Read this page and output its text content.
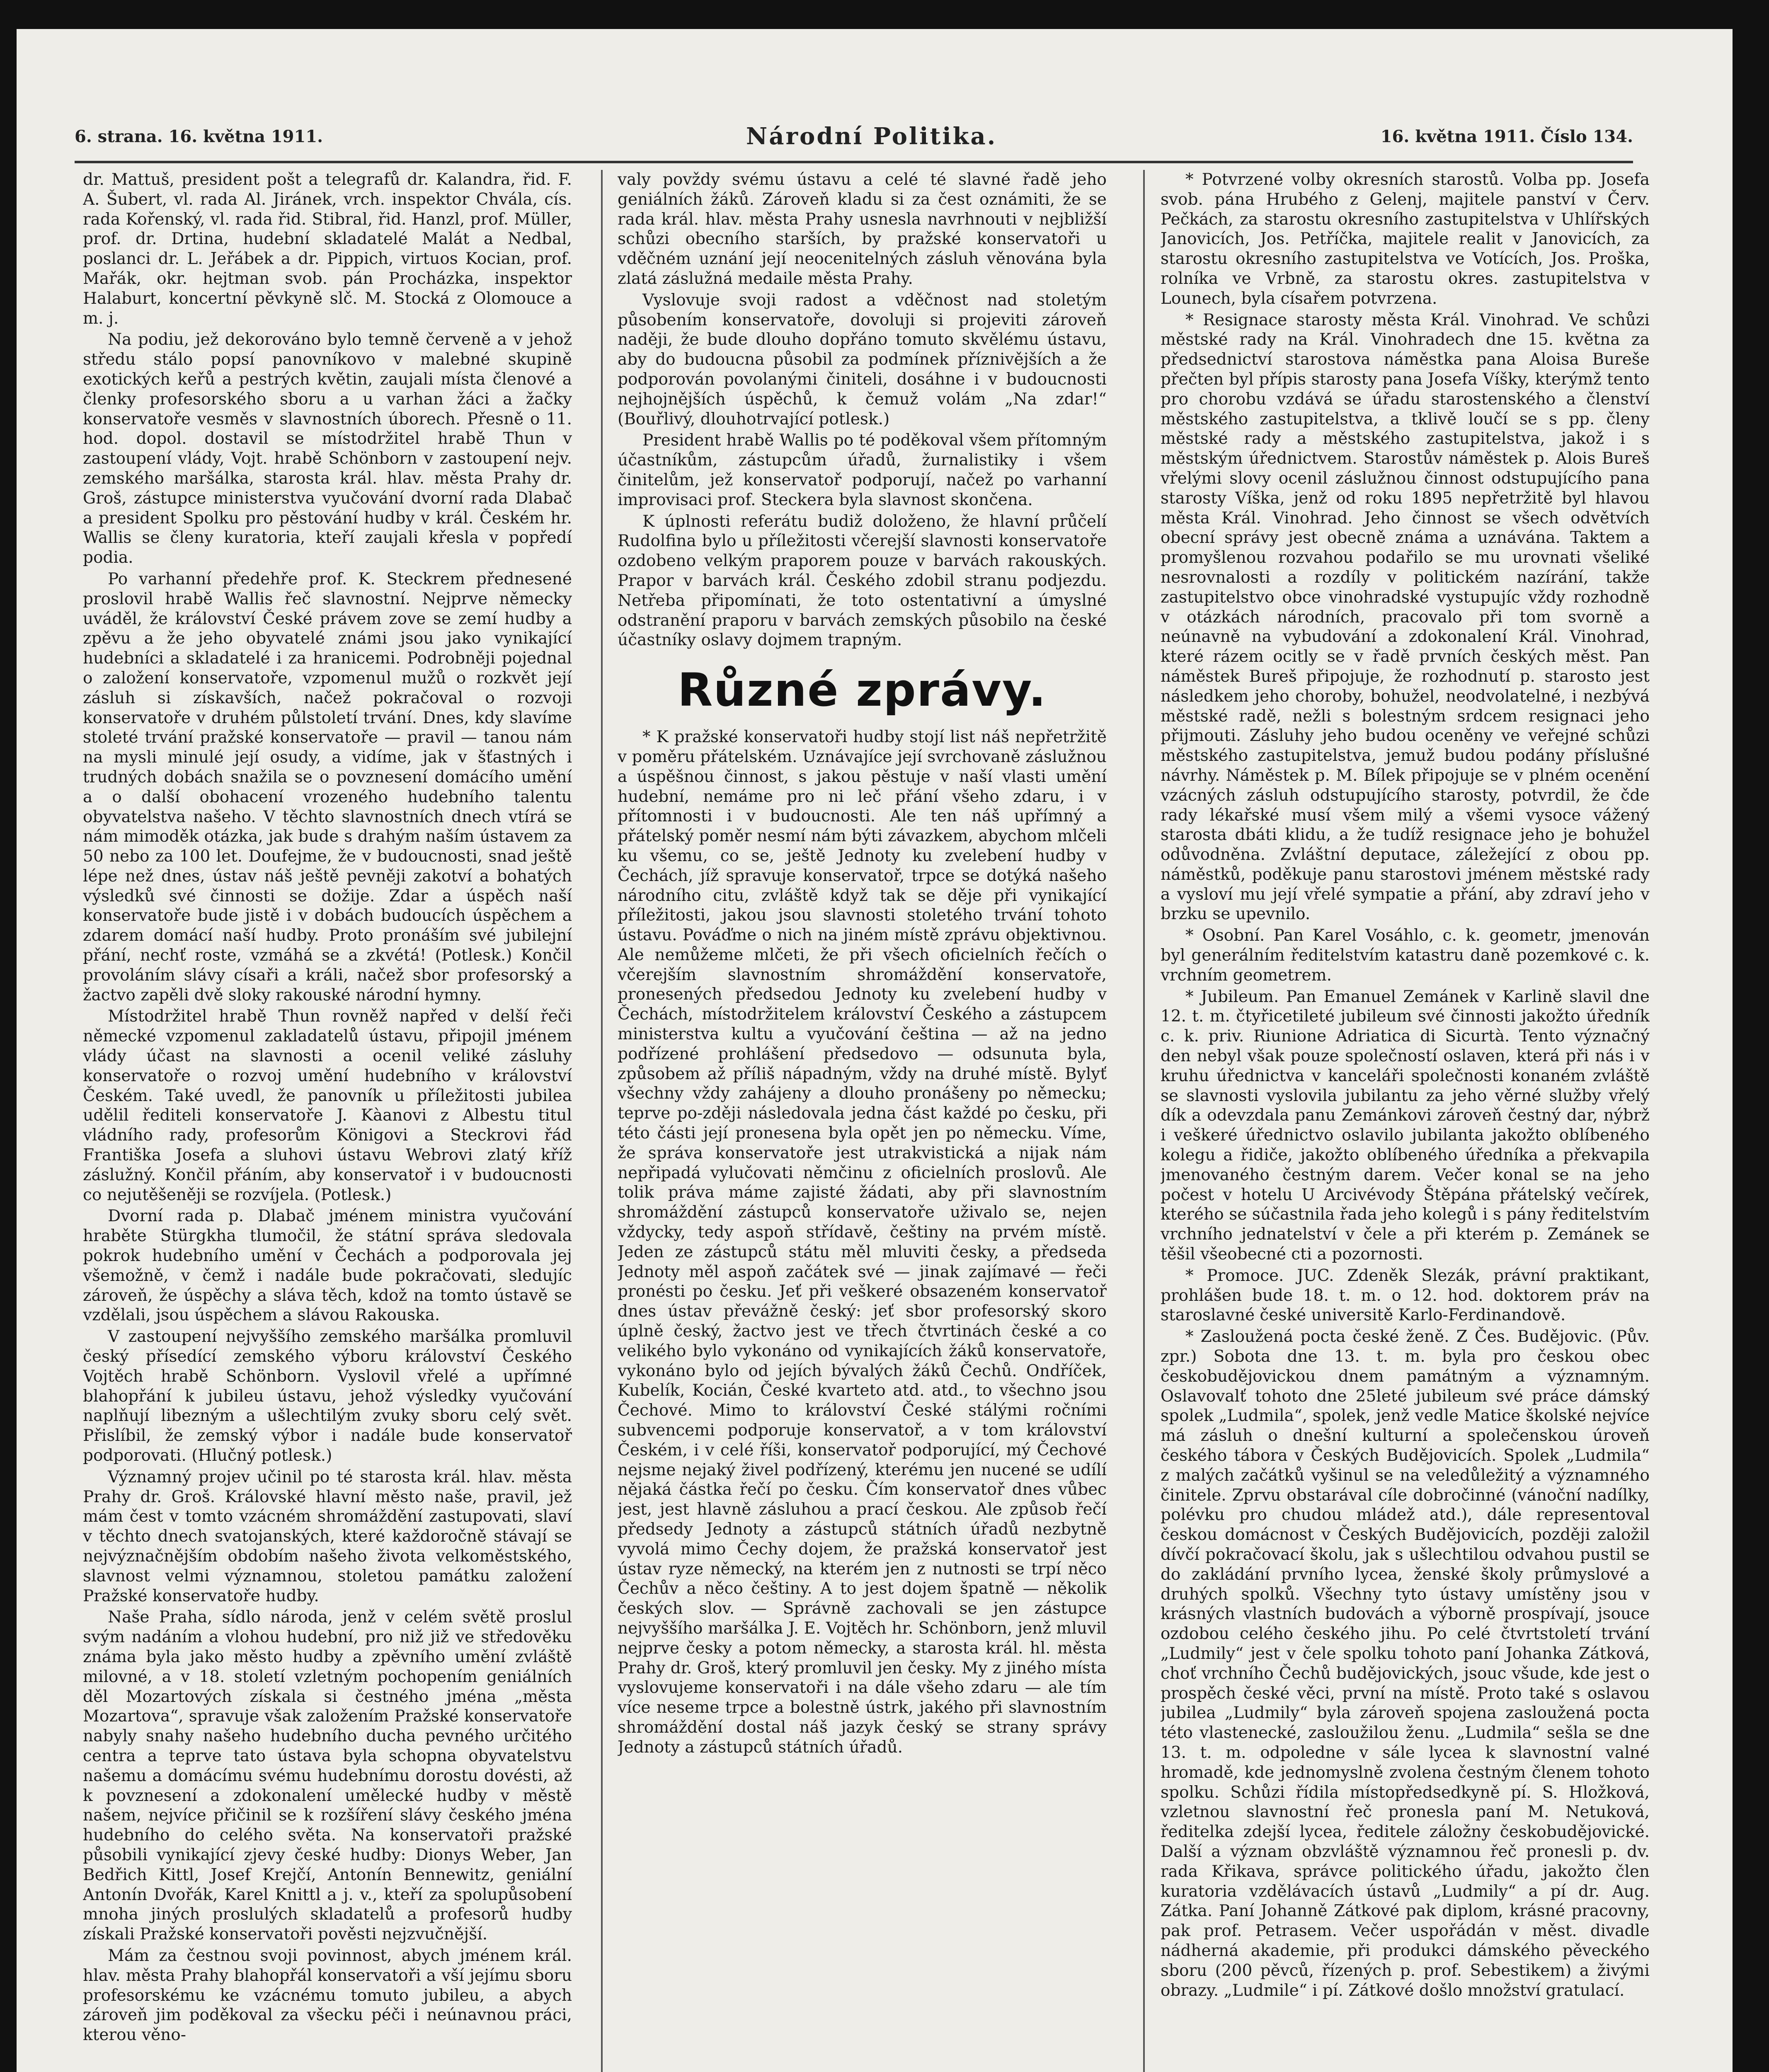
6. strana. 16. května 1911.	Národní Politika.	16. května 1911. Číslo 134.

dr. Mattuš, president pošt a telegrafů dr. Kalandra, řid. F. A. Šubert, vl. rada Al. Jiránek, vrch. inspektor Chvála, cís. rada Kořenský, vl. rada řid. Stibral, řid. Hanzl, prof. Müller, prof. dr. Drtina, hudební skladatelé Malát a Nedbal, poslanci dr. L. Jeřábek a dr. Pippich, virtuos Kocian, prof. Mařák, okr. hejtman svob. pán Procházka, inspektor Halaburt, koncertní pěvkyně slč. M. Stocká z Olomouce a m. j.

Na podiu, jež dekorováno bylo temně červeně a v jehož středu stálo popsí panovníkovo v malebné skupině exotických keřů a pestrých květin, zaujali místa členové a členky profesorského sboru a u varhan žáci a žačky konservatoře vesměs v slavnostních úborech. Přesně o 11. hod. dopol. dostavil se místodržitel hrabě Thun v zastoupení vlády, Vojt. hrabě Schönborn v zastoupení nejv. zemského maršálka, starosta král. hlav. města Prahy dr. Groš, zástupce ministerstva vyučování dvorní rada Dlabač a president Spolku pro pěstování hudby v král. Českém hr. Wallis se členy kuratoria, kteří zaujali křesla v popředí podia.

Po varhanní předehře prof. K. Steckrem přednesené proslovil hrabě Wallis řeč slavnostní. Nejprve německy uváděl, že království České právem zove se zemí hudby a zpěvu a že jeho obyvatelé známi jsou jako vynikající hudebníci a skladatelé i za hranicemi. Podrobněji pojednal o založení konservatoře, vzpomenul mužů o rozkvět její zásluh si získavších, načež pokračoval o rozvoji konservatoře v druhém půlstoletí trvání. Dnes, kdy slavíme stoleté trvání pražské konservatoře — pravil — tanou nám na mysli minulé její osudy, a vidíme, jak v šťastných i trudných dobách snažila se o povznesení domácího umění a o další obohacení vrozeného hudebního talentu obyvatelstva našeho. V těchto slavnostních dnech vtírá se nám mimoděk otázka, jak bude s drahým naším ústavem za 50 nebo za 100 let. Doufejme, že v budoucnosti, snad ještě lépe než dnes, ústav náš ještě pevněji zakotví a bohatých výsledků své činnosti se dožije. Zdar a úspěch naší konservatoře bude jistě i v dobách budoucích úspěchem a zdarem domácí naší hudby. Proto pronáším své jubilejní přání, nechť roste, vzmáhá se a zkvétá! (Potlesk.) Končil provoláním slávy císaři a králi, načež sbor profesorský a žactvo zapěli dvě sloky rakouské národní hymny.

Místodržitel hrabě Thun rovněž napřed v delší řeči německé vzpomenul zakladatelů ústavu, připojil jménem vlády účast na slavnosti a ocenil veliké zásluhy konservatoře o rozvoj umění hudebního v království Českém. Také uvedl, že panovník u příležitosti jubilea udělil řediteli konservatoře J. Kàanovi z Albestu titul vládního rady, profesorům Königovi a Steckrovi řád Františka Josefa a sluhovi ústavu Webrovi zlatý kříž záslužný. Končil přáním, aby konservatoř i v budoucnosti co nejutěšeněji se rozvíjela. (Potlesk.)

Dvorní rada p. Dlabač jménem ministra vyučování hraběte Stürgkha tlumočil, že státní správa sledovala pokrok hudebního umění v Čechách a podporovala jej všemožně, v čemž i nadále bude pokračovati, sledujíc zároveň, že úspěchy a sláva těch, kdož na tomto ústavě se vzdělali, jsou úspěchem a slávou Rakouska.

V zastoupení nejvyššího zemského maršálka promluvil český přísedící zemského výboru království Českého Vojtěch hrabě Schönborn. Vyslovil vřelé a upřímné blahopřání k jubileu ústavu, jehož výsledky vyučování naplňují libezným a ušlechtilým zvuky sboru celý svět. Přislíbil, že zemský výbor i nadále bude konservatoř podporovati. (Hlučný potlesk.)

Významný projev učinil po té starosta král. hlav. města Prahy dr. Groš. Královské hlavní město naše, pravil, jež mám čest v tomto vzácném shromáždění zastupovati, slaví v těchto dnech svatojanských, které každoročně stávají se nejvýznačnějším obdobím našeho života velkoměstského, slavnost velmi významnou, stoletou památku založení Pražské konservatoře hudby.

Naše Praha, sídlo národa, jenž v celém světě proslul svým nadáním a vlohou hudební, pro niž již ve středověku známa byla jako město hudby a zpěvního umění zvláště milovné, a v 18. století vzletným pochopením geniálních děl Mozartových získala si čestného jména „města Mozartova“, spravuje však založením Pražské konservatoře nabyly snahy našeho hudebního ducha pevného určitého centra a teprve tato ústava byla schopna obyvatelstvu našemu a domácímu svému hudebnímu dorostu dovésti, až k povznesení a zdokonalení umělecké hudby v městě našem, nejvíce přičinil se k rozšíření slávy českého jména hudebního do celého světa. Na konservatoři pražské působili vynikající zjevy české hudby: Dionys Weber, Jan Bedřich Kittl, Josef Krejčí, Antonín Bennewitz, geniální Antonín Dvořák, Karel Knittl a j. v., kteří za spolupůsobení mnoha jiných proslulých skladatelů a profesorů hudby získali Pražské konservatoři pověsti nejzvučnější.

Mám za čestnou svoji povinnost, abych jménem král. hlav. města Prahy blahopřál konservatoři a vší jejímu sboru profesorskému ke vzácnému tomuto jubileu, a abych zároveň jim poděkoval za všecku péči i neúnavnou práci, kterou věno-

valy povždy svému ústavu a celé té slavné řadě jeho geniálních žáků. Zároveň kladu si za čest oznámiti, že se rada král. hlav. města Prahy usnesla navrhnouti v nejbližší schůzi obecního starších, by pražské konservatoři u vděčném uznání její neocenitelných zásluh věnována byla zlatá záslužná medaile města Prahy.

Vyslovuje svoji radost a vděčnost nad stoletým působením konservatoře, dovoluji si projeviti zároveň naději, že bude dlouho dopřáno tomuto skvělému ústavu, aby do budoucna působil za podmínek příznivějších a že podporován povolanými činiteli, dosáhne i v budoucnosti nejhojnějších úspěchů, k čemuž volám „Na zdar!“ (Bouřlivý, dlouhotrvající potlesk.)

President hrabě Wallis po té poděkoval všem přítomným účastníkům, zástupcům úřadů, žurnalistiky i všem činitelům, jež konservatoř podporují, načež po varhanní improvisaci prof. Steckera byla slavnost skončena.

K úplnosti referátu budiž doloženo, že hlavní průčelí Rudolfina bylo u příležitosti včerejší slavnosti konservatoře ozdobeno velkým praporem pouze v barvách rakouských. Prapor v barvách král. Českého zdobil stranu podjezdu. Netřeba připomínati, že toto ostentativní a úmyslné odstranění praporu v barvách zemských působilo na české účastníky oslavy dojmem trapným.

Různé zprávy.

* K pražské konservatoři hudby stojí list náš nepřetržitě v poměru přátelském. Uznávajíce její svrchovaně záslužnou a úspěšnou činnost, s jakou pěstuje v naší vlasti umění hudební, nemáme pro ni leč přání všeho zdaru, i v přítomnosti i v budoucnosti. Ale ten náš upřímný a přátelský poměr nesmí nám býti závazkem, abychom mlčeli ku všemu, co se, ještě Jednoty ku zvelebení hudby v Čechách, jíž spravuje konservatoř, trpce se dotýká našeho národního citu, zvláště když tak se děje při vynikající příležitosti, jakou jsou slavnosti stoletého trvání tohoto ústavu. Pováďme o nich na jiném místě zprávu objektivnou. Ale nemůžeme mlčeti, že při všech oficielních řečích o včerejším slavnostním shromáždění konservatoře, pronesených předsedou Jednoty ku zvelebení hudby v Čechách, místodržitelem království Českého a zástupcem ministerstva kultu a vyučování čeština — až na jedno podřízené prohlášení předsedovo — odsunuta byla, způsobem až příliš nápadným, vždy na druhé místě. Bylyť všechny vždy zahájeny a dlouho pronášeny po německu; teprve po-zději následovala jedna část každé po česku, při této části její pronesena byla opět jen po německu. Víme, že správa konservatoře jest utrakvistická a nijak nám nepřipadá vylučovati němčinu z oficielních proslovů. Ale tolik práva máme zajisté žádati, aby při slavnostním shromáždění zástupců konservatoře uživalo se, nejen vždycky, tedy aspoň střídavě, češtiny na prvém místě. Jeden ze zástupců státu měl mluviti česky, a předseda Jednoty měl aspoň začátek své — jinak zajímavé — řeči pronésti po česku. Jeť při veškeré obsazeném konservatoř dnes ústav převážně český: jeť sbor profesorský skoro úplně český, žactvo jest ve třech čtvrtinách české a co velikého bylo vykonáno od vynikajících žáků konservatoře, vykonáno bylo od jejích bývalých žáků Čechů. Ondříček, Kubelík, Kocián, České kvarteto atd. atd., to všechno jsou Čechové. Mimo to království České stálými ročními subvencemi podporuje konservatoř, a v tom království Českém, i v celé říši, konservatoř podporující, mý Čechové nejsme nejaký živel podřízený, kterému jen nucené se udílí nějaká částka řečí po česku. Čím konservatoř dnes vůbec jest, jest hlavně zásluhou a prací českou. Ale způsob řečí předsedy Jednoty a zástupců státních úřadů nezbytně vyvolá mimo Čechy dojem, že pražská konservatoř jest ústav ryze německý, na kterém jen z nutnosti se trpí něco Čechův a něco češtiny. A to jest dojem špatně — několik českých slov. — Správně zachovali se jen zástupce nejvyššího maršálka J. E. Vojtěch hr. Schönborn, jenž mluvil nejprve česky a potom německy, a starosta král. hl. města Prahy dr. Groš, který promluvil jen česky. My z jiného místa vyslovujeme konservatoři i na dále všeho zdaru — ale tím více neseme trpce a bolestně ústrk, jakého při slavnostním shromáždění dostal náš jazyk český se strany správy Jednoty a zástupců státních úřadů.

* Potvrzené volby okresních starostů. Volba pp. Josefa svob. pána Hrubého z Gelenj, majitele panství v Červ. Pečkách, za starostu okresního zastupitelstva v Uhlířských Janovicích, Jos. Petříčka, majitele realit v Janovicích, za starostu okresního zastupitelstva ve Votících, Jos. Proška, rolníka ve Vrbně, za starostu okres. zastupitelstva v Lounech, byla císařem potvrzena.

* Resignace starosty města Král. Vinohrad. Ve schůzi městské rady na Král. Vinohradech dne 15. května za předsednictví starostova náměstka pana Aloisa Bureše přečten byl přípis starosty pana Josefa Víšky, kterýmž tento pro chorobu vzdává se úřadu starostenského a členství městského zastupitelstva, a tklivě loučí se s pp. členy městské rady a městského zastupitelstva, jakož i s městským úřednictvem. Starostův náměstek p. Alois Bureš vřelými slovy ocenil záslužnou činnost odstupujícího pana starosty Víška, jenž od roku 1895 nepřetržitě byl hlavou města Král. Vinohrad. Jeho činnost se všech odvětvích obecní správy jest obecně známa a uznávána. Taktem a promyšlenou rozvahou podařilo se mu urovnati všeliké nesrovnalosti a rozdíly v politickém nazírání, takže zastupitelstvo obce vinohradské vystupujíc vždy rozhodně v otázkách národních, pracovalo při tom svorně a neúnavně na vybudování a zdokonalení Král. Vinohrad, které rázem ocitly se v řadě prvních českých měst. Pan náměstek Bureš připojuje, že rozhodnutí p. starosto jest následkem jeho choroby, bohužel, neodvolatelné, i nezbývá městské radě, nežli s bolestným srdcem resignaci jeho přijmouti. Zásluhy jeho budou oceněny ve veřejné schůzi městského zastupitelstva, jemuž budou podány příslušné návrhy. Náměstek p. M. Bílek připojuje se v plném ocenění vzácných zásluh odstupujícího starosty, potvrdil, že čde rady lékařské musí všem milý a všemi vysoce vážený starosta dbáti klidu, a že tudíž resignace jeho je bohužel odůvodněna. Zvláštní deputace, záležející z obou pp. náměstků, poděkuje panu starostovi jménem městské rady a vysloví mu její vřelé sympatie a přání, aby zdraví jeho v brzku se upevnilo.

* Osobní. Pan Karel Vosáhlo, c. k. geometr, jmenován byl generálním ředitelstvím katastru daně pozemkové c. k. vrchním geometrem.

* Jubileum. Pan Emanuel Zemánek v Karlině slavil dne 12. t. m. čtyřicetileté jubileum své činnosti jakožto úředník c. k. priv. Riunione Adriatica di Sicurtà. Tento význačný den nebyl však pouze společností oslaven, která při nás i v kruhu úřednictva v kanceláři společnosti konaném zvláště se slavnosti vyslovila jubilantu za jeho věrné služby vřelý dík a odevzdala panu Zemánkovi zároveň čestný dar, nýbrž i veškeré úřednictvo oslavilo jubilanta jakožto oblíbeného kolegu a řidiče, jakožto oblíbeného úředníka a překvapila jmenovaného čestným darem. Večer konal se na jeho počest v hotelu U Arcivévody Štěpána přátelský večírek, kterého se súčastnila řada jeho kolegů i s pány ředitelstvím vrchního jednatelství v čele a při kterém p. Zemánek se těšil všeobecné cti a pozornosti.

* Promoce. JUC. Zdeněk Slezák, právní praktikant, prohlášen bude 18. t. m. o 12. hod. doktorem práv na staroslavné české universitě Karlo-Ferdinandově.

* Zasloužená pocta české ženě. Z Čes. Budějovic. (Pův. zpr.) Sobota dne 13. t. m. byla pro českou obec českobudějovickou dnem památným a významným. Oslavovalť tohoto dne 25leté jubileum své práce dámský spolek „Ludmila“, spolek, jenž vedle Matice školské nejvíce má zásluh o dnešní kulturní a společenskou úroveň českého tábora v Českých Budějovicích. Spolek „Ludmila“ z malých začátků vyšinul se na veledůležitý a významného činitele. Zprvu obstarával cíle dobročinné (vánoční nadílky, polévku pro chudou mládež atd.), dále representoval českou domácnost v Českých Budějovicích, později založil dívčí pokračovací školu, jak s ušlechtilou odvahou pustil se do zakládání prvního lycea, ženské školy průmyslové a druhých spolků. Všechny tyto ústavy umístěny jsou v krásných vlastních budovách a výborně prospívají, jsouce ozdobou celého českého jihu. Po celé čtvrtstoletí trvání „Ludmily“ jest v čele spolku tohoto paní Johanka Zátková, choť vrchního Čechů budějovických, jsouc všude, kde jest o prospěch české věci, první na místě. Proto také s oslavou jubilea „Ludmily“ byla zároveň spojena zasloužená pocta této vlastenecké, zasloužilou ženu. „Ludmila“ sešla se dne 13. t. m. odpoledne v sále lycea k slavnostní valné hromadě, kde jednomyslně zvolena čestným členem tohoto spolku. Schůzi řídila místopředsedkyně pí. S. Hložková, vzletnou slavnostní řeč pronesla paní M. Netuková, ředitelka zdejší lycea, ředitele záložny českobudějovické. Další a význam obzvláště významnou řeč pronesli p. dv. rada Křikava, správce politického úřadu, jakožto člen kuratoria vzdělávacích ústavů „Ludmily“ a pí dr. Aug. Zátka. Paní Johanně Zátkové pak diplom, krásné pracovny, pak prof. Petrasem. Večer uspořádán v měst. divadle nádherná akademie, při produkci dámského pěveckého sboru (200 pěvců, řízených p. prof. Sebestikem) a živými obrazy. „Ludmile“ i pí. Zátkové došlo množství gratulací.
